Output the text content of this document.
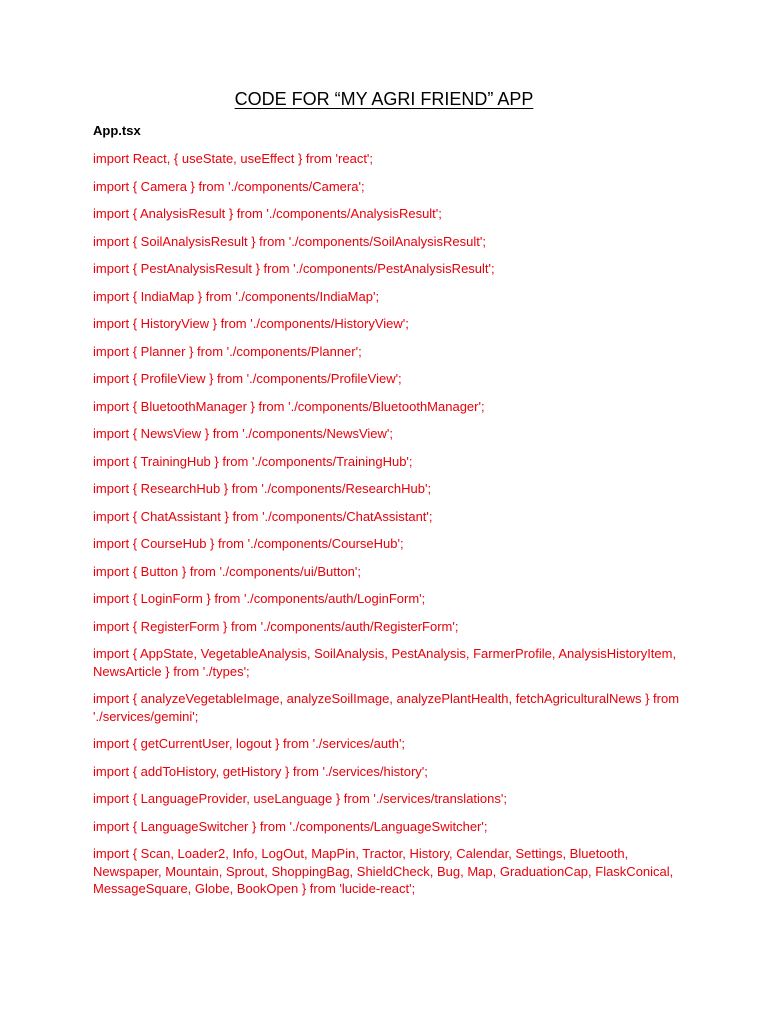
CODE FOR “MY AGRI FRIEND” APP
App.tsx
import React, { useState, useEffect } from 'react';
import { Camera } from './components/Camera';
import { AnalysisResult } from './components/AnalysisResult';
import { SoilAnalysisResult } from './components/SoilAnalysisResult';
import { PestAnalysisResult } from './components/PestAnalysisResult';
import { IndiaMap } from './components/IndiaMap';
import { HistoryView } from './components/HistoryView';
import { Planner } from './components/Planner';
import { ProfileView } from './components/ProfileView';
import { BluetoothManager } from './components/BluetoothManager';
import { NewsView } from './components/NewsView';
import { TrainingHub } from './components/TrainingHub';
import { ResearchHub } from './components/ResearchHub';
import { ChatAssistant } from './components/ChatAssistant';
import { CourseHub } from './components/CourseHub';
import { Button } from './components/ui/Button';
import { LoginForm } from './components/auth/LoginForm';
import { RegisterForm } from './components/auth/RegisterForm';
import { AppState, VegetableAnalysis, SoilAnalysis, PestAnalysis, FarmerProfile, AnalysisHistoryItem, NewsArticle } from './types';
import { analyzeVegetableImage, analyzeSoilImage, analyzePlantHealth, fetchAgriculturalNews } from './services/gemini';
import { getCurrentUser, logout } from './services/auth';
import { addToHistory, getHistory } from './services/history';
import { LanguageProvider, useLanguage } from './services/translations';
import { LanguageSwitcher } from './components/LanguageSwitcher';
import { Scan, Loader2, Info, LogOut, MapPin, Tractor, History, Calendar, Settings, Bluetooth, Newspaper, Mountain, Sprout, ShoppingBag, ShieldCheck, Bug, Map, GraduationCap, FlaskConical, MessageSquare, Globe, BookOpen } from 'lucide-react';
